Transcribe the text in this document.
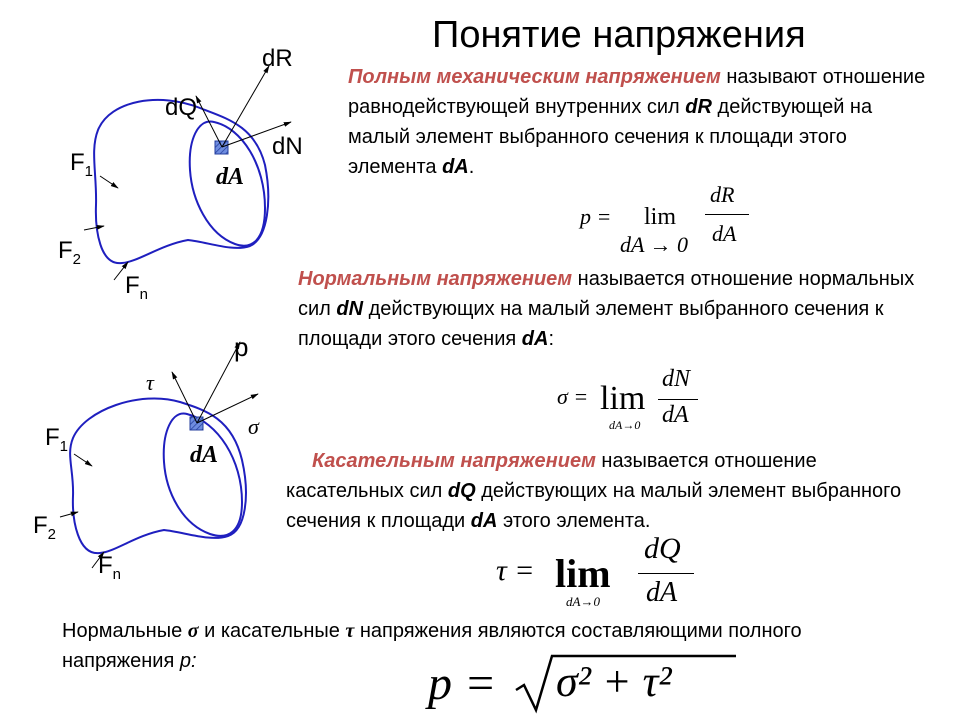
Понятие напряжения
dR
dQ
dN
dA
$F_1$
$F_2$
$F_n$
p
τ
σ
dA
$F_1$
$F_2$
$F_n$
Полным механическим напряжением называют отношение равнодействующей внутренних сил dR действующей на малый элемент выбранного сечения к площади этого элемента dA.
p = lim
dR
dA
dA → 0
Нормальным напряжением называется отношение нормальных сил dN действующих на малый элемент выбранного сечения к площади этого сечения dA:
σ = lim
dN
dA
dA→0
Касательным напряжением называется отношение касательных сил dQ действующих на малый элемент выбранного сечения к площади dA этого элемента.
τ = lim
dQ
dA
dA→0
Нормальные σ и касательные τ напряжения являются составляющими полного напряжения p:	p = σ² + τ²
